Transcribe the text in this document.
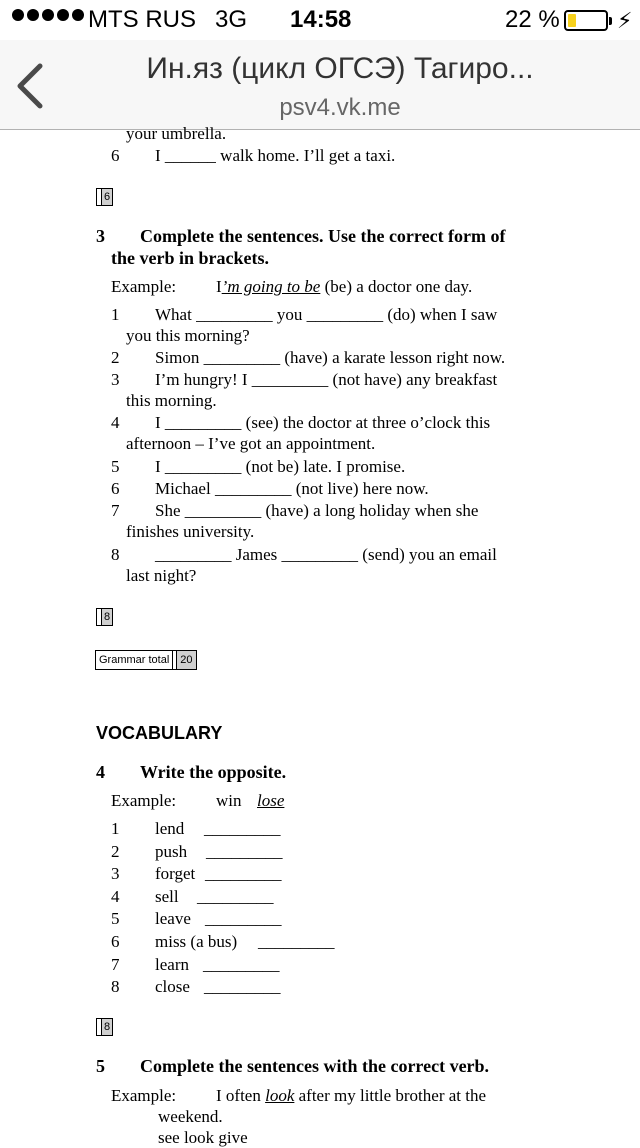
MTS RUS 3G 14:58	22 %	⚡︎
Ин.яз (цикл ОГСЭ) Тагиро...
psv4.vk.me
your umbrella.
6 I ______ walk home. I’ll get a taxi.
6
3 Complete the sentences. Use the correct form of
the verb in brackets.
Example: I’m going to be (be) a doctor one day.
1 What _________ you _________ (do) when I saw
you this morning?
2 Simon _________ (have) a karate lesson right now.
3 I’m hungry! I _________ (not have) any breakfast
this morning.
4 I _________ (see) the doctor at three o’clock this
afternoon – I’ve got an appointment.
5 I _________ (not be) late. I promise.
6 Michael _________ (not live) here now.
7 She _________ (have) a long holiday when she
finishes university.
8 _________ James _________ (send) you an email
last night?
8
Grammar total	20
VOCABULARY
4 Write the opposite.
Example: win lose
1 lend _________
2 push _________
3 forget _________
4 sell _________
5 leave _________
6 miss (a bus) _________
7 learn _________
8 close _________
8
5 Complete the sentences with the correct verb.
Example: I often look after my little brother at the
weekend.
see look give
